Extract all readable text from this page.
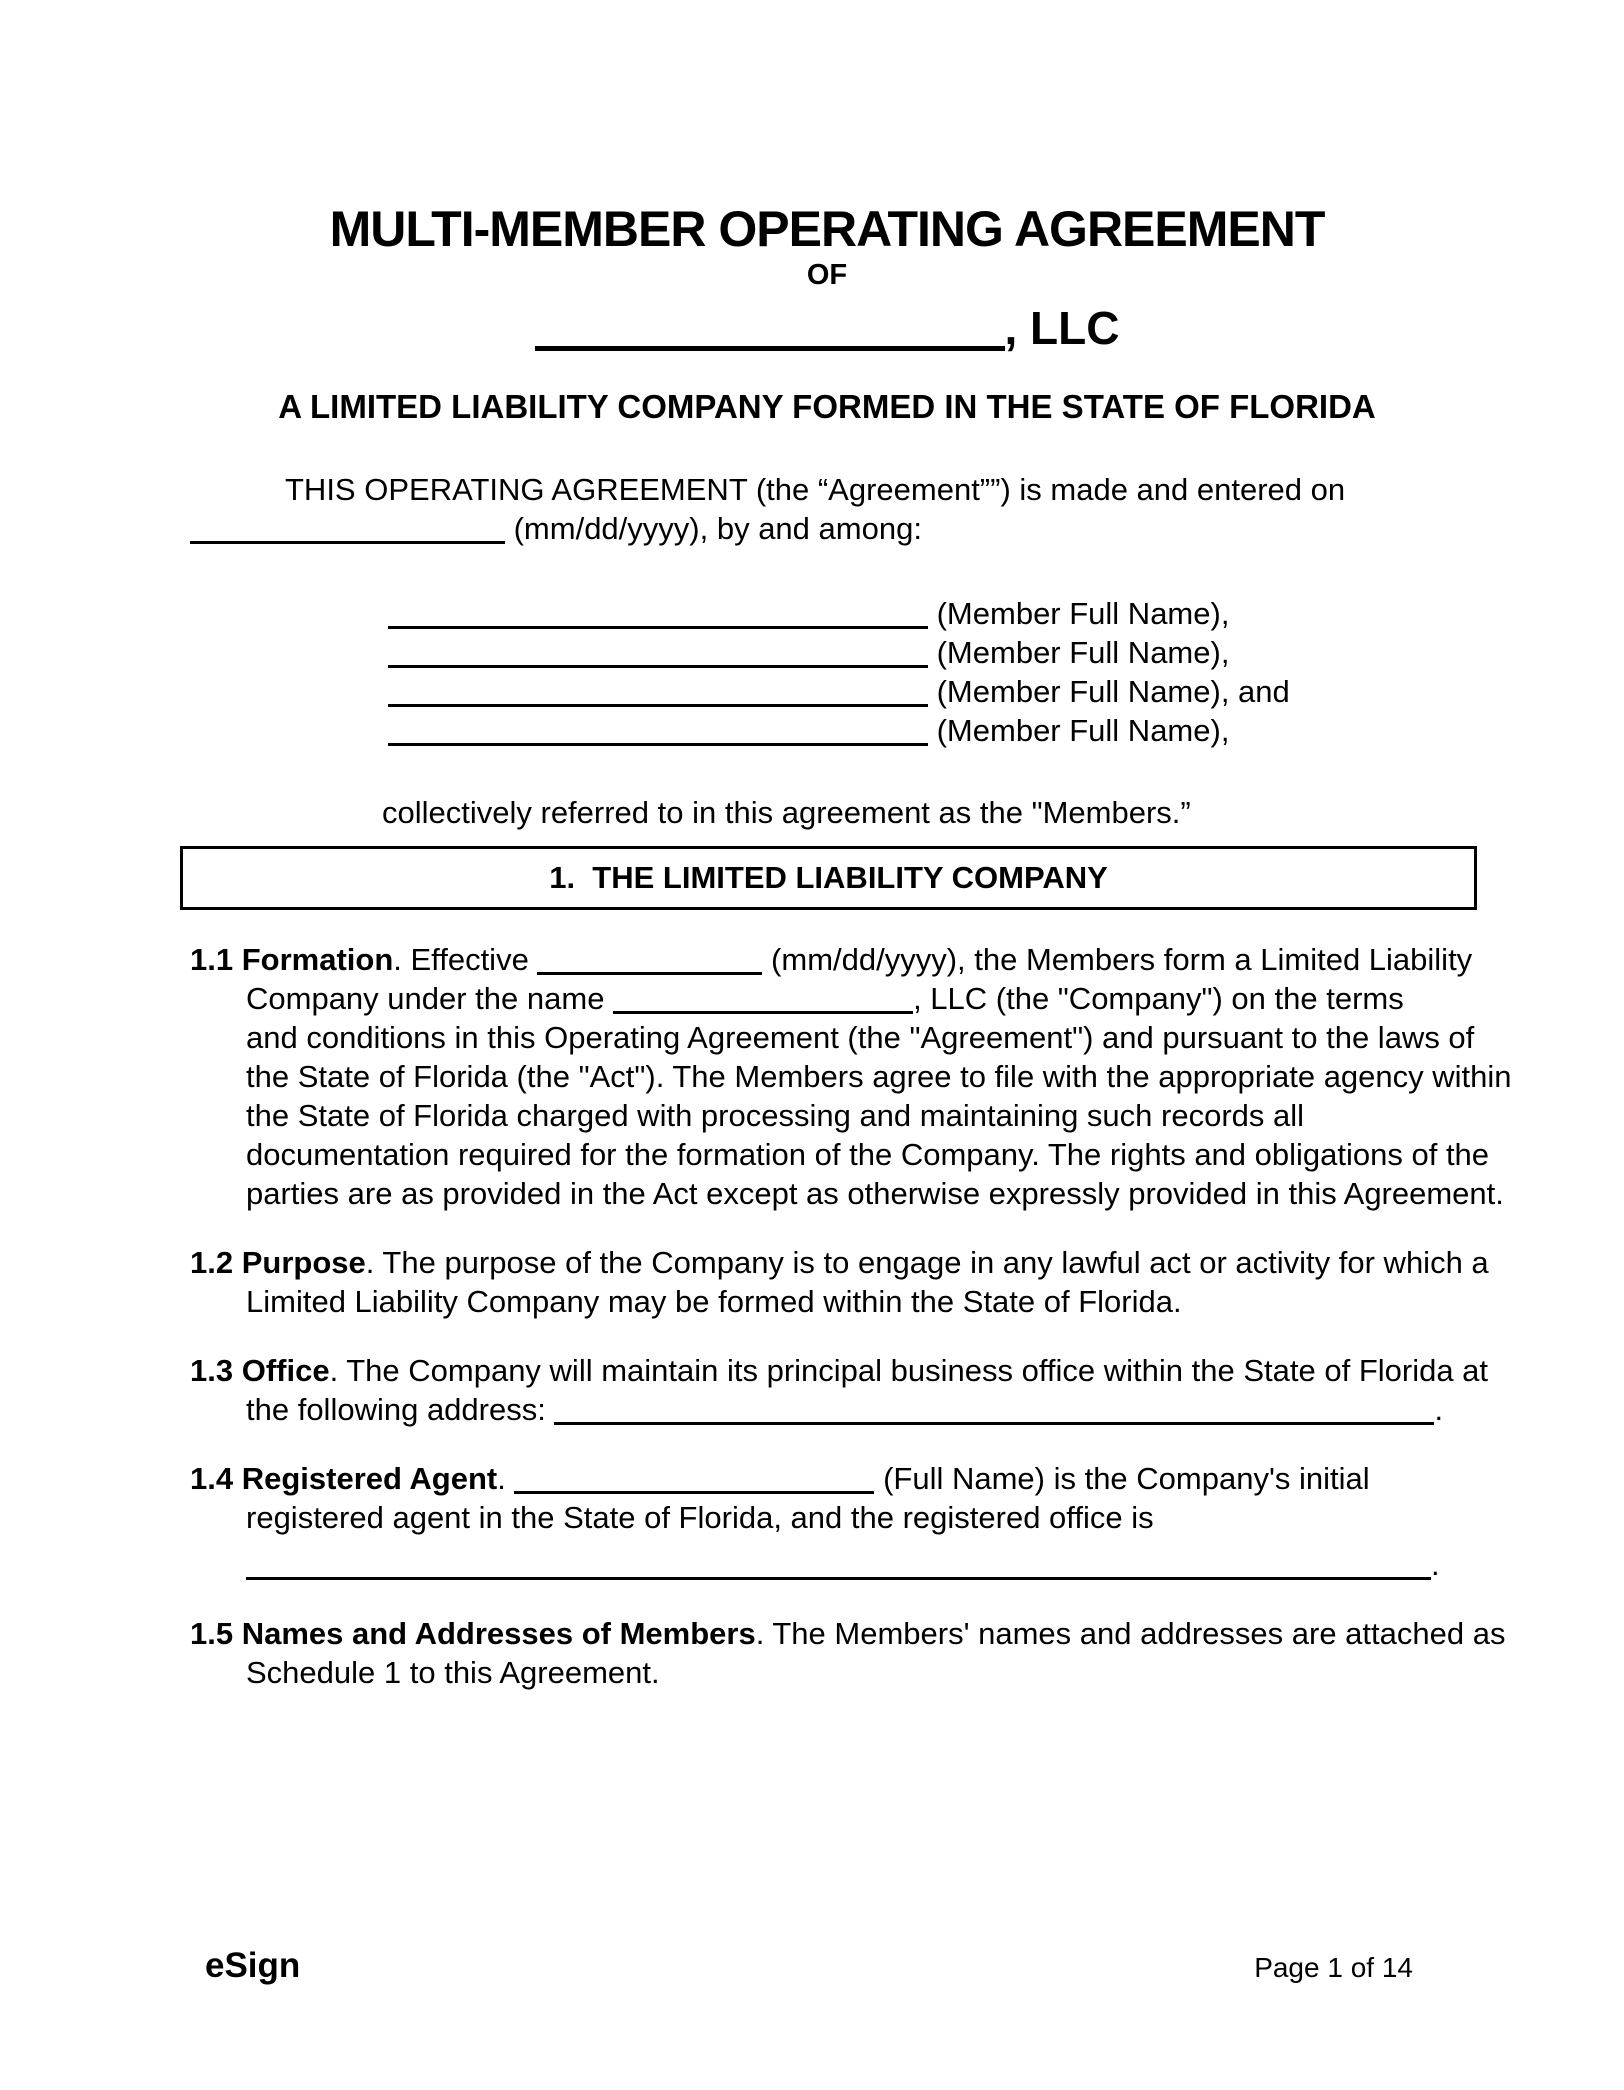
MULTI-MEMBER OPERATING AGREEMENT
OF
, LLC
A LIMITED LIABILITY COMPANY FORMED IN THE STATE OF FLORIDA
THIS OPERATING AGREEMENT (the “Agreement””) is made and entered on
(mm/dd/yyyy), by and among:
(Member Full Name),
(Member Full Name),
(Member Full Name), and
(Member Full Name),
collectively referred to in this agreement as the "Members.”
1.  THE LIMITED LIABILITY COMPANY
1.1 Formation. Effective	(mm/dd/yyyy), the Members form a Limited Liability
Company under the name	, LLC (the "Company") on the terms
and conditions in this Operating Agreement (the "Agreement") and pursuant to the laws of
the State of Florida (the "Act"). The Members agree to file with the appropriate agency within
the State of Florida charged with processing and maintaining such records all
documentation required for the formation of the Company. The rights and obligations of the
parties are as provided in the Act except as otherwise expressly provided in this Agreement.
1.2 Purpose. The purpose of the Company is to engage in any lawful act or activity for which a
Limited Liability Company may be formed within the State of Florida.
1.3 Office. The Company will maintain its principal business office within the State of Florida at
the following address:	.
1.4 Registered Agent.	(Full Name) is the Company's initial
registered agent in the State of Florida, and the registered office is
.
1.5 Names and Addresses of Members. The Members' names and addresses are attached as
Schedule 1 to this Agreement.
eSign	Page 1 of 14
